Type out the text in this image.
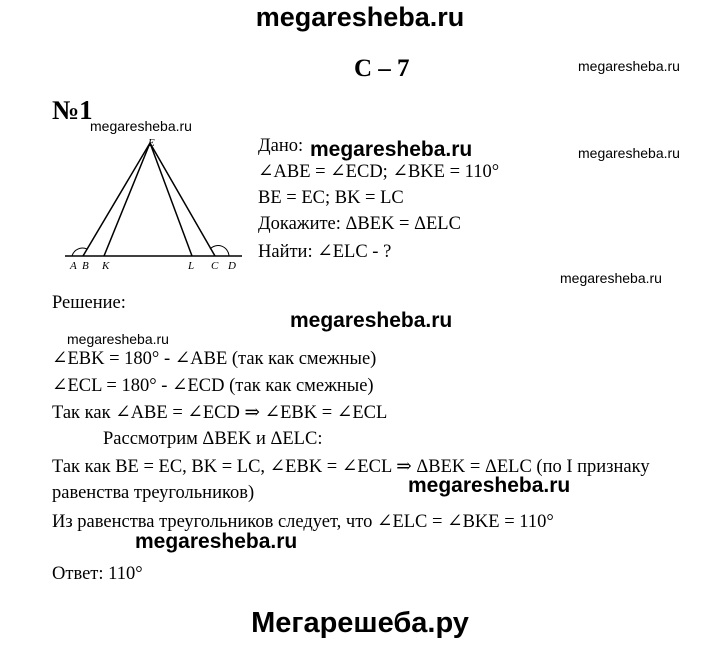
megaresheba.ru
С – 7	megaresheba.ru
megaresheba.ru
megaresheba.ru
megaresheba.ru
megaresheba.ru
megaresheba.ru
megaresheba.ru
megaresheba.ru
megaresheba.ru
№1
E
A B K	L C D
Дано:
∠ABE = ∠ECD; ∠BKE = 110°
BE = EC; BK = LC
Докажите: ΔBEK = ΔELC
Найти: ∠ELC - ?
Решение:
∠EBK = 180° - ∠ABE (так как смежные)
∠ECL = 180° - ∠ECD (так как смежные)
Так как ∠ABE = ∠ECD ⇒ ∠EBK = ∠ECL
Рассмотрим ΔBEK и ΔELC:
Так как BE = EC, BK = LC, ∠EBK = ∠ECL ⇒ ΔBEK = ΔELC (по I признаку
равенства треугольников)
Из равенства треугольников следует, что ∠ELC = ∠BKE = 110°
Ответ: 110°
Мегарешеба.ру
